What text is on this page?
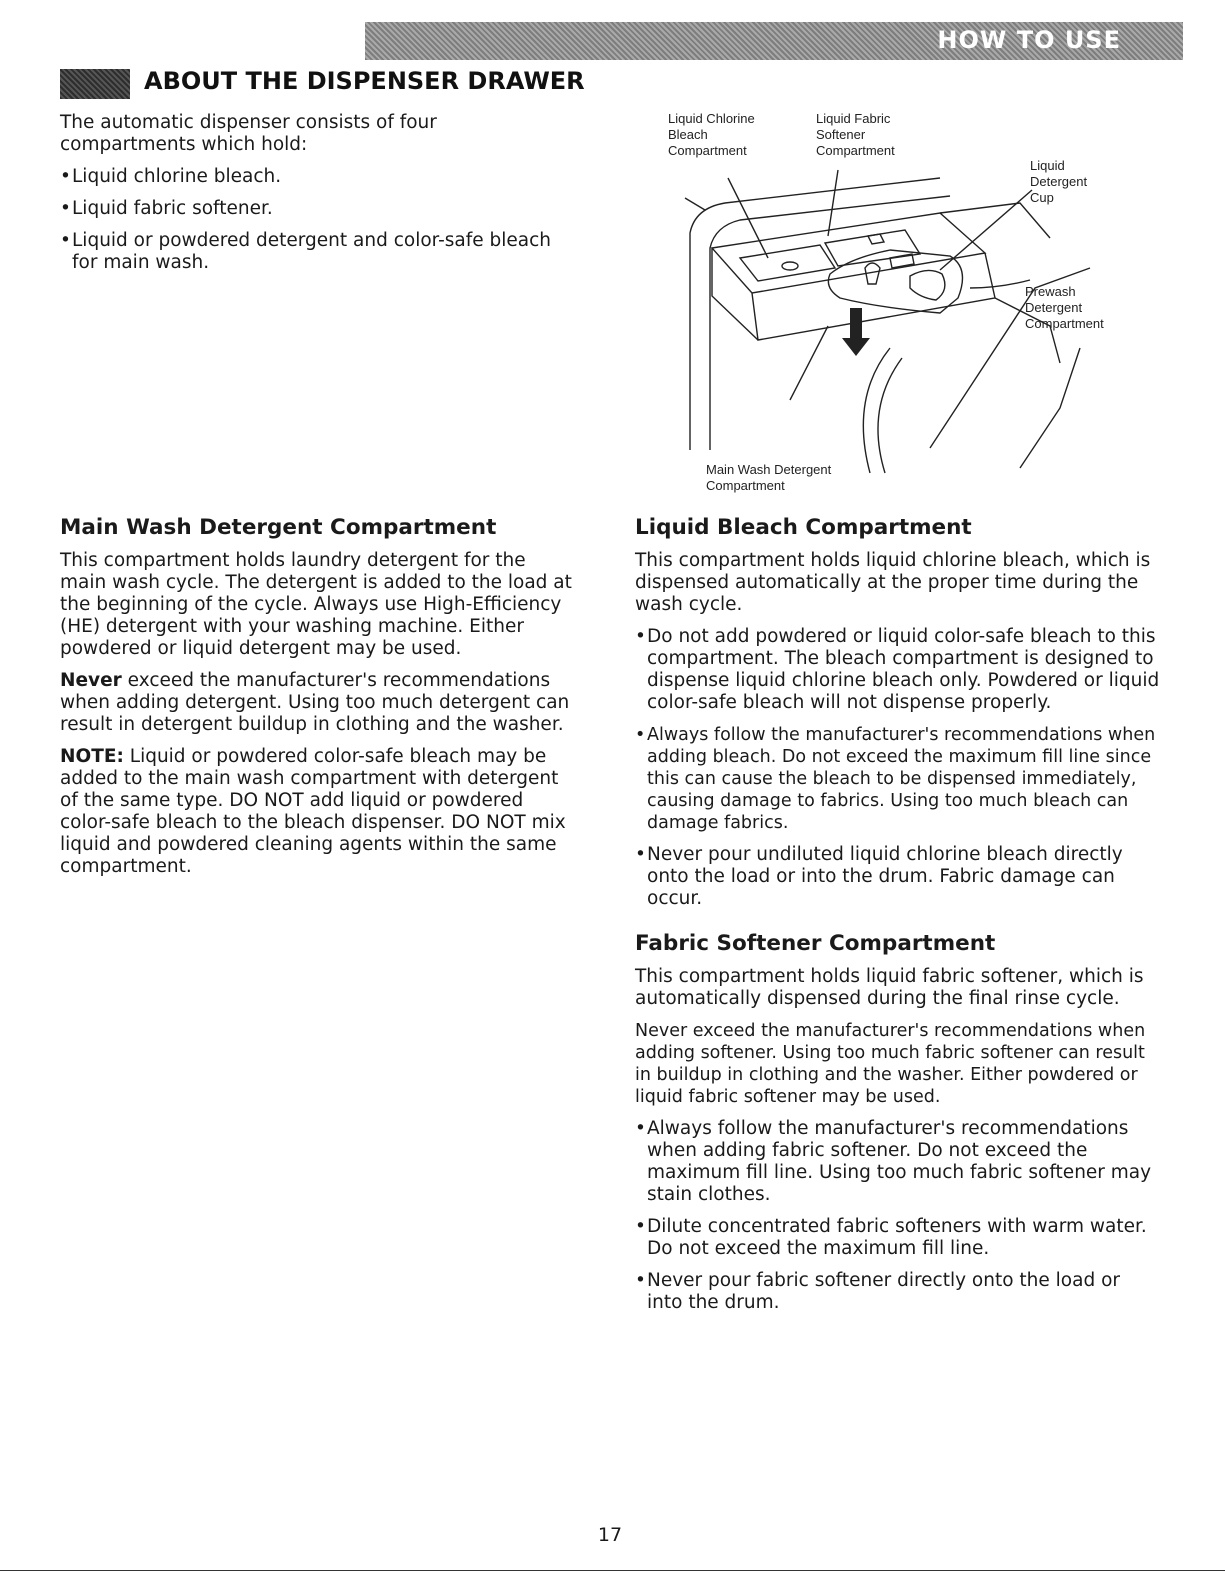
HOW TO USE
ABOUT THE DISPENSER DRAWER

The automatic dispenser consists of four compartments which hold:

• Liquid chlorine bleach.

• Liquid fabric softener.

• Liquid or powdered detergent and color-safe bleach for main wash.

Liquid Chlorine Bleach Compartment
Liquid Fabric Softener Compartment
Liquid Detergent Cup
Prewash Detergent Compartment
Main Wash Detergent Compartment
Main Wash Detergent Compartment

This compartment holds laundry detergent for the main wash cycle. The detergent is added to the load at the beginning of the cycle. Always use High-Efficiency (HE) detergent with your washing machine. Either powdered or liquid detergent may be used.

Never exceed the manufacturer's recommendations when adding detergent. Using too much detergent can result in detergent buildup in clothing and the washer.

NOTE: Liquid or powdered color-safe bleach may be added to the main wash compartment with detergent of the same type. DO NOT add liquid or powdered color-safe bleach to the bleach dispenser. DO NOT mix liquid and powdered cleaning agents within the same compartment.

Liquid Bleach Compartment

This compartment holds liquid chlorine bleach, which is dispensed automatically at the proper time during the wash cycle.

• Do not add powdered or liquid color-safe bleach to this compartment. The bleach compartment is designed to dispense liquid chlorine bleach only. Powdered or liquid color-safe bleach will not dispense properly.

• Always follow the manufacturer's recommendations when adding bleach. Do not exceed the maximum fill line since this can cause the bleach to be dispensed immediately, causing damage to fabrics. Using too much bleach can damage fabrics.

• Never pour undiluted liquid chlorine bleach directly onto the load or into the drum. Fabric damage can occur.

Fabric Softener Compartment

This compartment holds liquid fabric softener, which is automatically dispensed during the final rinse cycle.

Never exceed the manufacturer's recommendations when adding softener. Using too much fabric softener can result in buildup in clothing and the washer. Either powdered or liquid fabric softener may be used.

• Always follow the manufacturer's recommendations when adding fabric softener. Do not exceed the maximum fill line. Using too much fabric softener may stain clothes.

• Dilute concentrated fabric softeners with warm water. Do not exceed the maximum fill line.

• Never pour fabric softener directly onto the load or into the drum.

17
